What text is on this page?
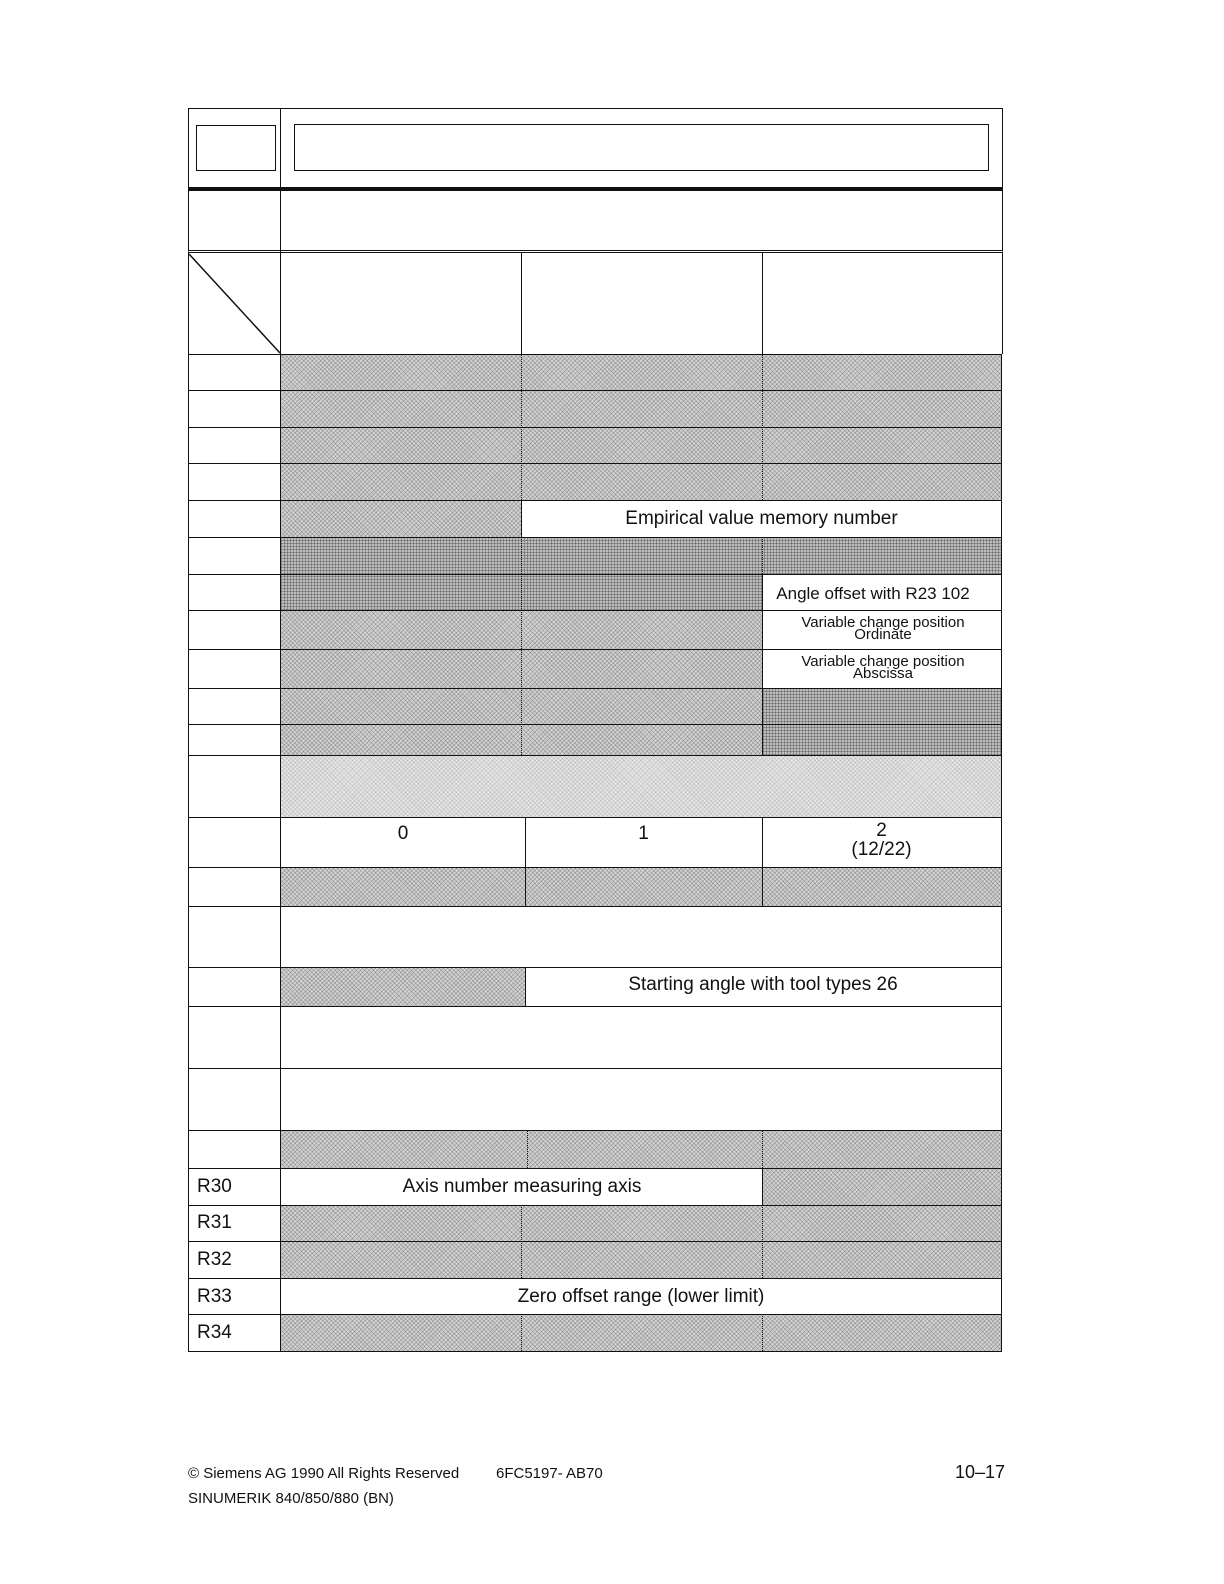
Empirical value memory number
Angle offset with R23 102
Variable change position
Ordinate
Variable change position
Abscissa
0	1	2
(12/22)
Starting angle with tool types 26
R30	Axis number measuring axis
R31
R32
R33	Zero offset range (lower limit)
R34
© Siemens AG 1990 All Rights Reserved 6FC5197- AB70	10–17
SINUMERIK 840/850/880 (BN)
